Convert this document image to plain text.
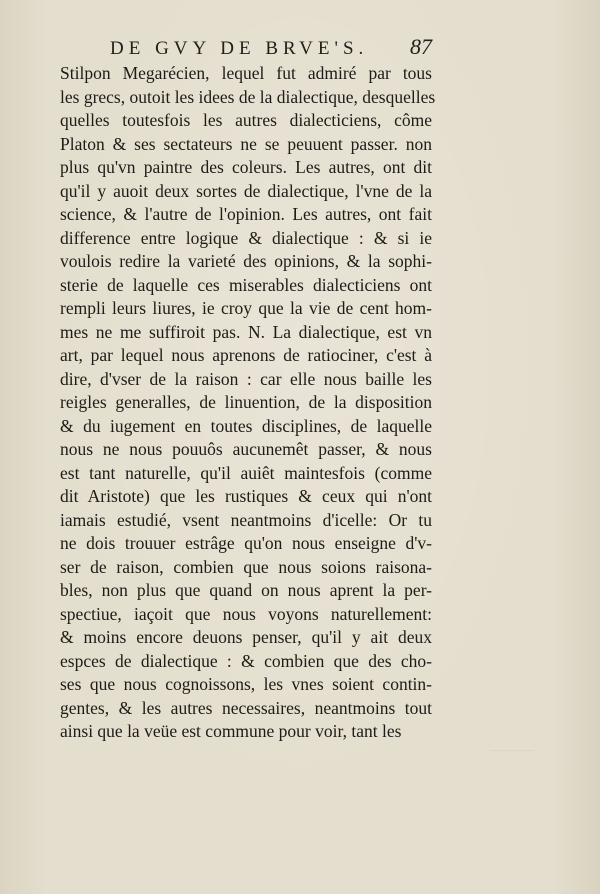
DE GVY DE BRVE'S.	87
Stilpon Megarécien, lequel fut admiré par tous
les grecs, outoit les idees de la dialectique, desquelles
quelles toutesfois les autres dialecticiens, côme
Platon & ses sectateurs ne se peuuent passer. non
plus qu'vn paintre des coleurs. Les autres, ont dit
qu'il y auoit deux sortes de dialectique, l'vne de la
science, & l'autre de l'opinion. Les autres, ont fait
difference entre logique & dialectique : & si ie
voulois redire la varieté des opinions, & la sophi-
sterie de laquelle ces miserables dialecticiens ont
rempli leurs liures, ie croy que la vie de cent hom-
mes ne me suffiroit pas. N. La dialectique, est vn
art, par lequel nous aprenons de ratiociner, c'est à
dire, d'vser de la raison : car elle nous baille les
reigles generalles, de linuention, de la disposition
& du iugement en toutes disciplines, de laquelle
nous ne nous pouuôs aucunemêt passer, & nous
est tant naturelle, qu'il auiêt maintesfois (comme
dit Aristote) que les rustiques & ceux qui n'ont
iamais estudié, vsent neantmoins d'icelle: Or tu
ne dois trouuer estrâge qu'on nous enseigne d'v-
ser de raison, combien que nous soions raisona-
bles, non plus que quand on nous aprent la per-
spectiue, iaçoit que nous voyons naturellement:
& moins encore deuons penser, qu'il y ait deux
espces de dialectique : & combien que des cho-
ses que nous cognoissons, les vnes soient contin-
gentes, & les autres necessaires, neantmoins tout
ainsi que la veüe est commune pour voir, tant les
